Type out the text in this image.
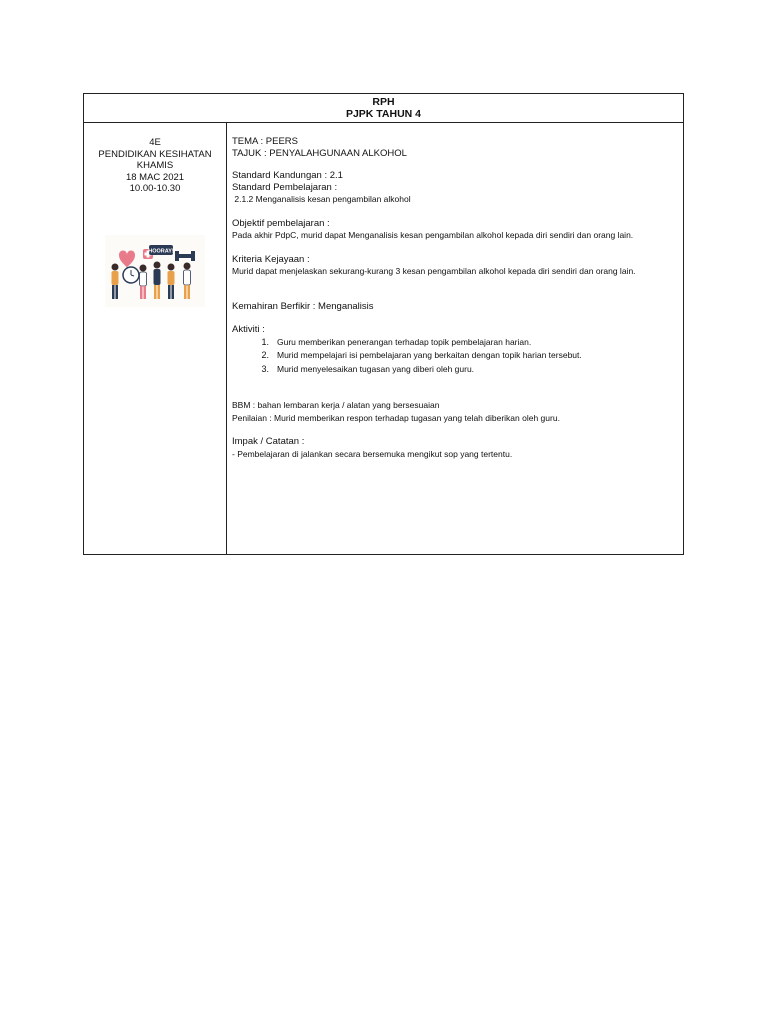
RPH
PJPK TAHUN 4
4E
PENDIDIKAN KESIHATAN
KHAMIS
18 MAC 2021
10.00-10.30
HOORAY!
TEMA : PEERS
TAJUK : PENYALAHGUNAAN ALKOHOL
Standard Kandungan : 2.1
Standard Pembelajaran :
2.1.2 Menganalisis kesan pengambilan alkohol
Objektif pembelajaran :
Pada akhir PdpC, murid dapat Menganalisis kesan pengambilan alkohol kepada diri sendiri dan orang lain.
Kriteria Kejayaan :
Murid dapat menjelaskan sekurang-kurang 3 kesan pengambilan alkohol kepada diri sendiri dan orang lain.
Kemahiran Berfikir : Menganalisis
Aktiviti :
1. Guru memberikan penerangan terhadap topik pembelajaran harian.
2. Murid mempelajari isi pembelajaran yang berkaitan dengan topik harian tersebut.
3. Murid menyelesaikan tugasan yang diberi oleh guru.
BBM : bahan lembaran kerja / alatan yang bersesuaian
Penilaian : Murid memberikan respon terhadap tugasan yang telah diberikan oleh guru.
Impak / Catatan :
- Pembelajaran di jalankan secara bersemuka mengikut sop yang tertentu.
